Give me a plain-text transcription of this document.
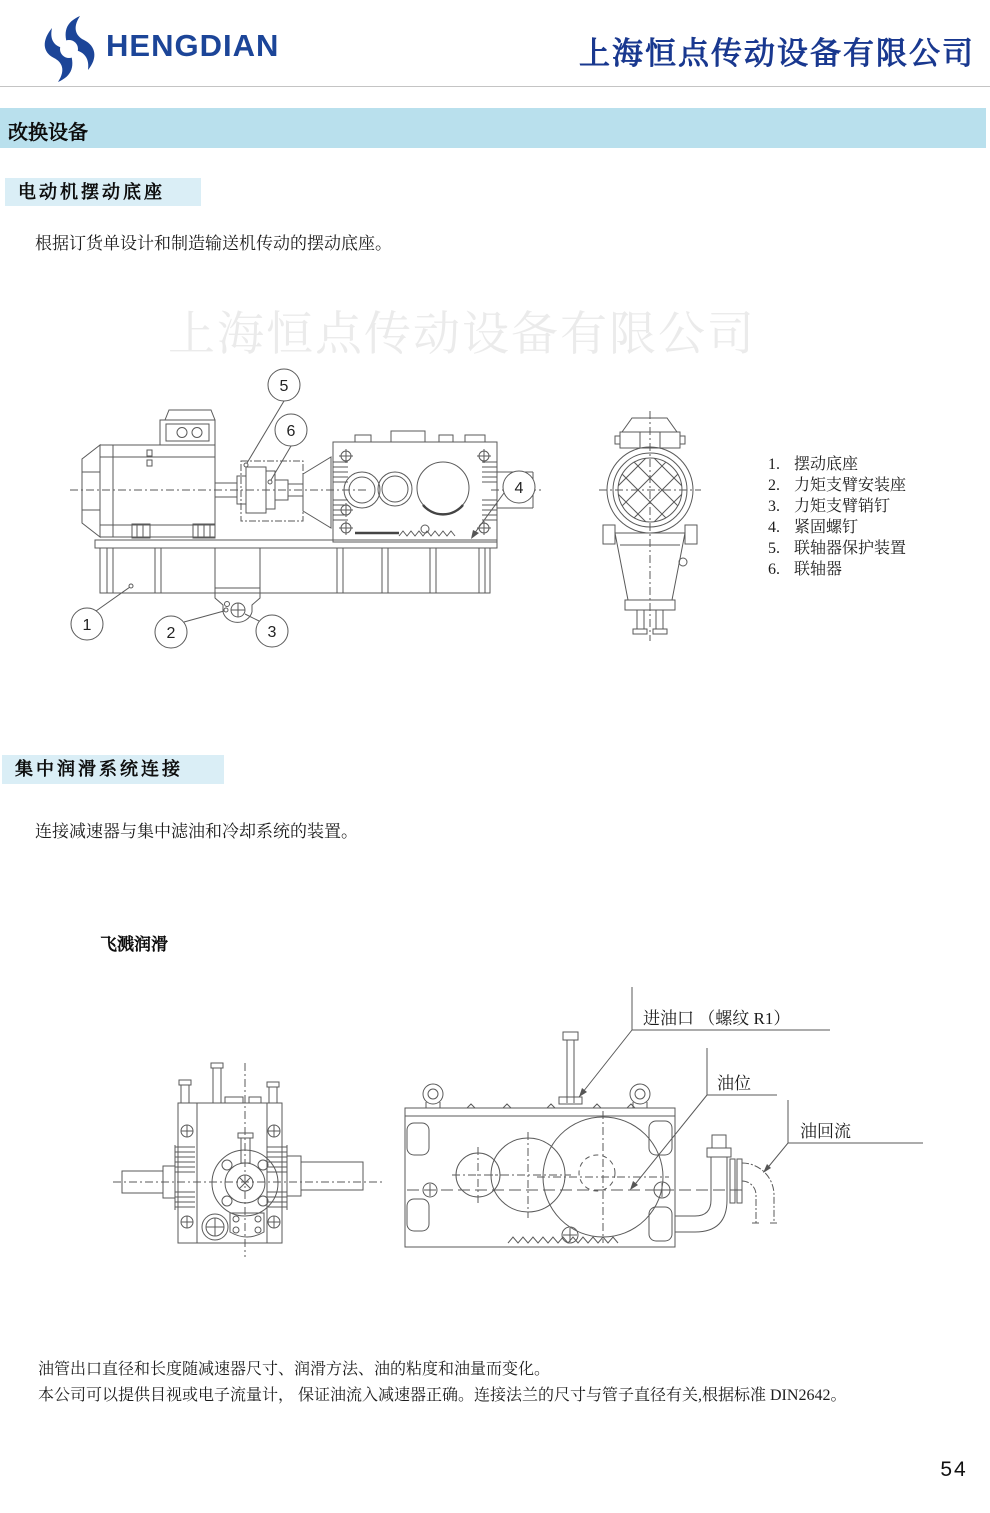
HENGDIAN	上海恒点传动设备有限公司
改换设备
电动机摆动底座
根据订货单设计和制造输送机传动的摆动底座。
上海恒点传动设备有限公司
5
6
4
1	2	3
1. 摆动底座
2. 力矩支臂安装座
3. 力矩支臂销钉
4. 紧固螺钉
5. 联轴器保护装置
6. 联轴器
集中润滑系统连接
连接减速器与集中滤油和冷却系统的装置。
飞溅润滑
进油口 （螺纹 R1）
油位
油回流
油管出口直径和长度随减速器尺寸、润滑方法、油的粘度和油量而变化。
本公司可以提供目视或电子流量计， 保证油流入减速器正确。连接法兰的尺寸与管子直径有关,根据标准 DIN2642。
54
